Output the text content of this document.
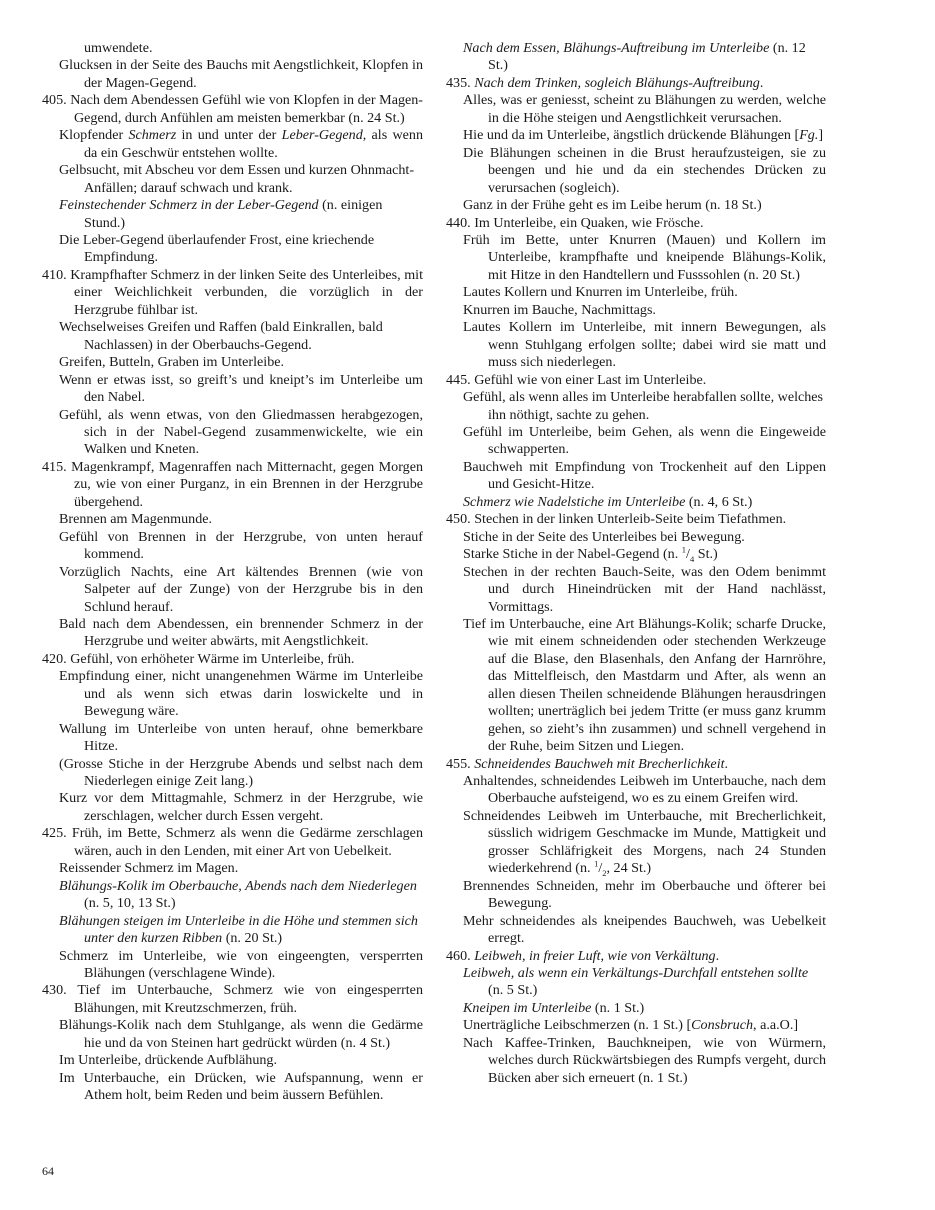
umwendete.
Glucksen in der Seite des Bauchs mit Aengstlichkeit, Klopfen in der Magen-Gegend.
405. Nach dem Abendessen Gefühl wie von Klopfen in der Magen-Gegend, durch Anfühlen am meisten bemerkbar (n. 24 St.)
Klopfender Schmerz in und unter der Leber-Gegend, als wenn da ein Geschwür entstehen wollte.
Gelbsucht, mit Abscheu vor dem Essen und kurzen Ohnmacht-Anfällen; darauf schwach und krank.
Feinstechender Schmerz in der Leber-Gegend (n. einigen Stund.)
Die Leber-Gegend überlaufender Frost, eine kriechende Empfindung.
410. Krampfhafter Schmerz in der linken Seite des Unterleibes, mit einer Weichlichkeit verbunden, die vorzüglich in der Herzgrube fühlbar ist.
Wechselweises Greifen und Raffen (bald Einkrallen, bald Nachlassen) in der Oberbauchs-Gegend.
Greifen, Butteln, Graben im Unterleibe.
Wenn er etwas isst, so greift’s und kneipt’s im Unterleibe um den Nabel.
Gefühl, als wenn etwas, von den Gliedmassen herabgezogen, sich in der Nabel-Gegend zusammenwickelte, wie ein Walken und Kneten.
415. Magenkrampf, Magenraffen nach Mitternacht, gegen Morgen zu, wie von einer Purganz, in ein Brennen in der Herzgrube übergehend.
Brennen am Magenmunde.
Gefühl von Brennen in der Herzgrube, von unten herauf kommend.
Vorzüglich Nachts, eine Art kältendes Brennen (wie von Salpeter auf der Zunge) von der Herzgrube bis in den Schlund herauf.
Bald nach dem Abendessen, ein brennender Schmerz in der Herzgrube und weiter abwärts, mit Aengstlichkeit.
420. Gefühl, von erhöheter Wärme im Unterleibe, früh.
Empfindung einer, nicht unangenehmen Wärme im Unterleibe und als wenn sich etwas darin loswickelte und in Bewegung wäre.
Wallung im Unterleibe von unten herauf, ohne bemerkbare Hitze.
(Grosse Stiche in der Herzgrube Abends und selbst nach dem Niederlegen einige Zeit lang.)
Kurz vor dem Mittagmahle, Schmerz in der Herzgrube, wie zerschlagen, welcher durch Essen vergeht.
425. Früh, im Bette, Schmerz als wenn die Gedärme zerschlagen wären, auch in den Lenden, mit einer Art von Uebelkeit.
Reissender Schmerz im Magen.
Blähungs-Kolik im Oberbauche, Abends nach dem Niederlegen (n. 5, 10, 13 St.)
Blähungen steigen im Unterleibe in die Höhe und stemmen sich unter den kurzen Ribben (n. 20 St.)
Schmerz im Unterleibe, wie von eingeengten, versperrten Blähungen (verschlagene Winde).
430. Tief im Unterbauche, Schmerz wie von eingesperrten Blähungen, mit Kreutzschmerzen, früh.
Blähungs-Kolik nach dem Stuhlgange, als wenn die Gedärme hie und da von Steinen hart gedrückt würden (n. 4 St.)
Im Unterleibe, drückende Aufblähung.
Im Unterbauche, ein Drücken, wie Aufspannung, wenn er Athem holt, beim Reden und beim äussern Befühlen.
Nach dem Essen, Blähungs-Auftreibung im Unterleibe (n. 12 St.)
435. Nach dem Trinken, sogleich Blähungs-Auftreibung.
Alles, was er geniesst, scheint zu Blähungen zu werden, welche in die Höhe steigen und Aengstlichkeit verursachen.
Hie und da im Unterleibe, ängstlich drückende Blähungen [Fg.]
Die Blähungen scheinen in die Brust heraufzusteigen, sie zu beengen und hie und da ein stechendes Drücken zu verursachen (sogleich).
Ganz in der Frühe geht es im Leibe herum (n. 18 St.)
440. Im Unterleibe, ein Quaken, wie Frösche.
Früh im Bette, unter Knurren (Mauen) und Kollern im Unterleibe, krampfhafte und kneipende Blähungs-Kolik, mit Hitze in den Handtellern und Fusssohlen (n. 20 St.)
Lautes Kollern und Knurren im Unterleibe, früh.
Knurren im Bauche, Nachmittags.
Lautes Kollern im Unterleibe, mit innern Bewegungen, als wenn Stuhlgang erfolgen sollte; dabei wird sie matt und muss sich niederlegen.
445. Gefühl wie von einer Last im Unterleibe.
Gefühl, als wenn alles im Unterleibe herabfallen sollte, welches ihn nöthigt, sachte zu gehen.
Gefühl im Unterleibe, beim Gehen, als wenn die Eingeweide schwapperten.
Bauchweh mit Empfindung von Trockenheit auf den Lippen und Gesicht-Hitze.
Schmerz wie Nadelstiche im Unterleibe (n. 4, 6 St.)
450. Stechen in der linken Unterleib-Seite beim Tiefathmen.
Stiche in der Seite des Unterleibes bei Bewegung.
Starke Stiche in der Nabel-Gegend (n. $^1/_4$ St.)
Stechen in der rechten Bauch-Seite, was den Odem benimmt und durch Hineindrücken mit der Hand nachlässt, Vormittags.
Tief im Unterbauche, eine Art Blähungs-Kolik; scharfe Drucke, wie mit einem schneidenden oder stechenden Werkzeuge auf die Blase, den Blasenhals, den Anfang der Harnröhre, das Mittelfleisch, den Mastdarm und After, als wenn an allen diesen Theilen schneidende Blähungen herausdringen wollten; unerträglich bei jedem Tritte (er muss ganz krumm gehen, so zieht’s ihn zusammen) und schnell vergehend in der Ruhe, beim Sitzen und Liegen.
455. Schneidendes Bauchweh mit Brecherlichkeit.
Anhaltendes, schneidendes Leibweh im Unterbauche, nach dem Oberbauche aufsteigend, wo es zu einem Greifen wird.
Schneidendes Leibweh im Unterbauche, mit Brecherlichkeit, süsslich widrigem Geschmacke im Munde, Mattigkeit und grosser Schläfrigkeit des Morgens, nach 24 Stunden wiederkehrend (n. $^1/_2$, 24 St.)
Brennendes Schneiden, mehr im Oberbauche und öfterer bei Bewegung.
Mehr schneidendes als kneipendes Bauchweh, was Uebelkeit erregt.
460. Leibweh, in freier Luft, wie von Verkältung.
Leibweh, als wenn ein Verkältungs-Durchfall entstehen sollte (n. 5 St.)
Kneipen im Unterleibe (n. 1 St.)
Unerträgliche Leibschmerzen (n. 1 St.) [Consbruch, a.a.O.]
Nach Kaffee-Trinken, Bauchkneipen, wie von Würmern, welches durch Rückwärtsbiegen des Rumpfs vergeht, durch Bücken aber sich erneuert (n. 1 St.)
64
